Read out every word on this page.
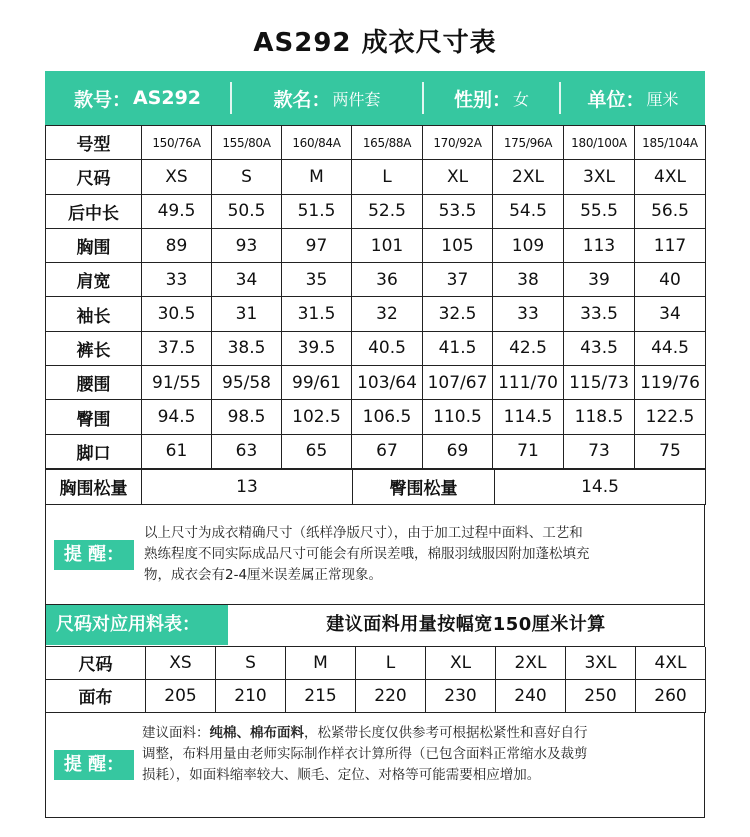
AS292 成衣尺寸表
款号： AS292	款名： 两件套	性别： 女	单位： 厘米
号型	150/76A	155/80A	160/84A	165/88A	170/92A	175/96A	180/100A	185/104A
尺码	XS	S	M	L	XL	2XL	3XL	4XL
后中长	49.5	50.5	51.5	52.5	53.5	54.5	55.5	56.5
胸围	89	93	97	101	105	109	113	117
肩宽	33	34	35	36	37	38	39	40
袖长	30.5	31	31.5	32	32.5	33	33.5	34
裤长	37.5	38.5	39.5	40.5	41.5	42.5	43.5	44.5
腰围	91/55	95/58	99/61	103/64	107/67	111/70	115/73	119/76
臀围	94.5	98.5	102.5	106.5	110.5	114.5	118.5	122.5
脚口	61	63	65	67	69	71	73	75
胸围松量	13	臀围松量	14.5
提 醒：
以上尺寸为成衣精确尺寸（纸样净版尺寸），由于加工过程中面料、工艺和
熟练程度不同实际成品尺寸可能会有所误差哦，棉服羽绒服因附加蓬松填充
物，成衣会有2-4厘米误差属正常现象。
尺码对应用料表：	建议面料用量按幅宽150厘米计算
尺码	XS	S	M	L	XL	2XL	3XL	4XL
面布	205	210	215	220	230	240	250	260
提 醒：
建议面料：纯棉、棉布面料，松紧带长度仅供参考可根据松紧性和喜好自行
调整，布料用量由老师实际制作样衣计算所得（已包含面料正常缩水及裁剪
损耗），如面料缩率较大、顺毛、定位、对格等可能需要相应增加。
